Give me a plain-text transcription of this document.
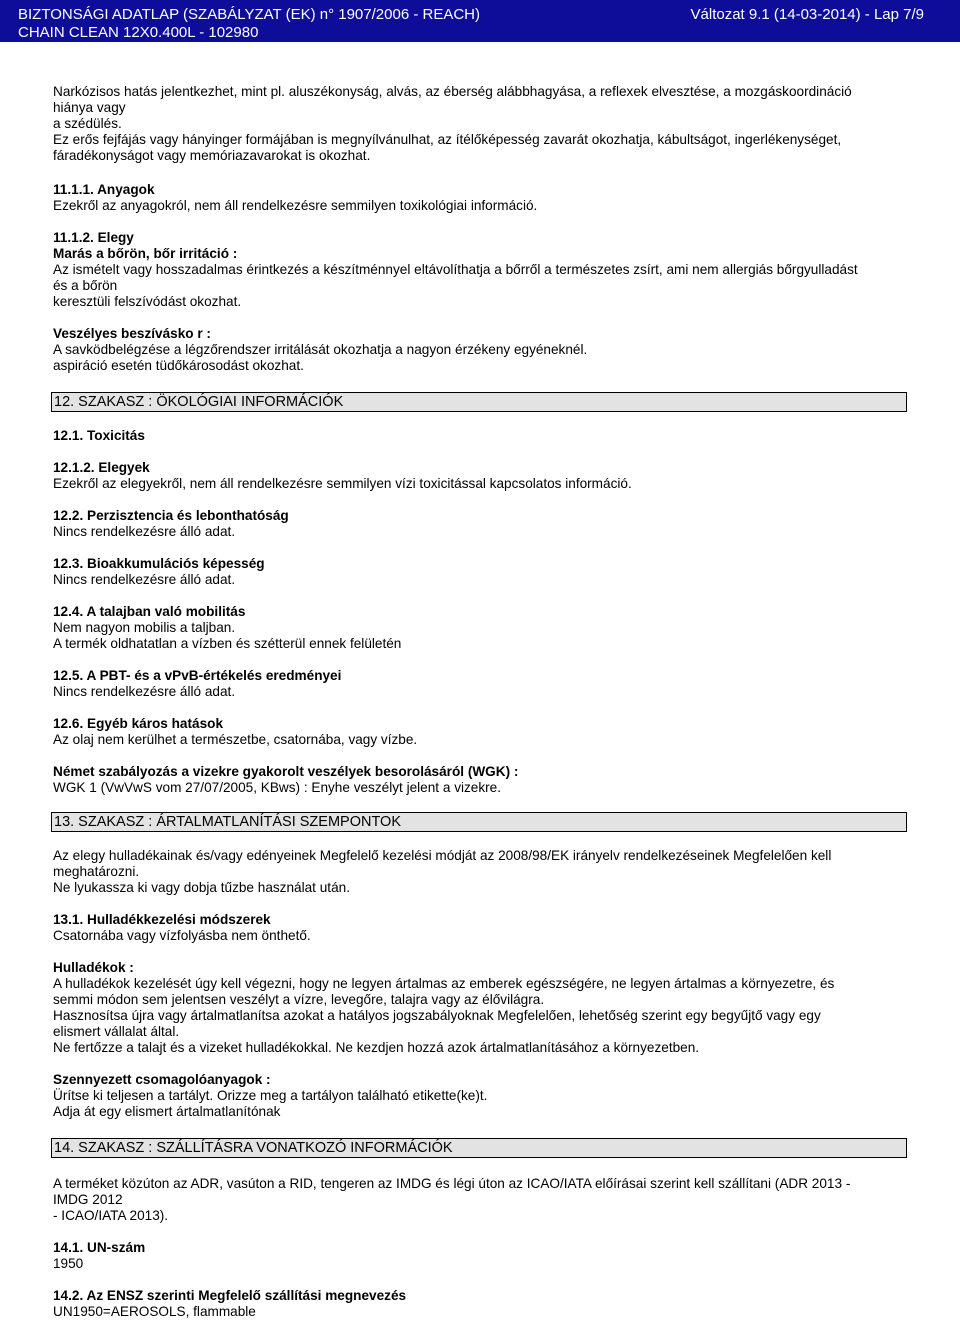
BIZTONSÁGI ADATLAP (SZABÁLYZAT (EK) n° 1907/2006 - REACH)
CHAIN CLEAN 12X0.400L - 102980
Változat 9.1 (14-03-2014) - Lap 7/9
Narkózisos hatás jelentkezhet, mint pl. aluszékonyság, alvás, az éberség alábbhagyása, a reflexek elvesztése, a mozgáskoordináció
hiánya vagy
a szédülés.
Ez erős fejfájás vagy hányinger formájában is megnyílvánulhat, az ítélőképesség zavarát okozhatja, kábultságot, ingerlékenységet,
fáradékonyságot vagy memóriazavarokat is okozhat.
11.1.1. Anyagok
Ezekről az anyagokról, nem áll rendelkezésre semmilyen toxikológiai információ.
11.1.2. Elegy
Marás a bőrön, bőr irritáció :
Az ismételt vagy hosszadalmas érintkezés a készítménnyel eltávolíthatja a bőrről a természetes zsírt, ami nem allergiás bőrgyulladást
és a bőrön
keresztüli felszívódást okozhat.
Veszélyes beszívásko r :
A savködbelégzése a légzőrendszer irritálását okozhatja a nagyon érzékeny egyéneknél.
aspiráció esetén tüdőkárosodást okozhat.
12. SZAKASZ : ÖKOLÓGIAI INFORMÁCIÓK
12.1. Toxicitás
12.1.2. Elegyek
Ezekről az elegyekről, nem áll rendelkezésre semmilyen vízi toxicitással kapcsolatos információ.
12.2. Perzisztencia és lebonthatóság
Nincs rendelkezésre álló adat.
12.3. Bioakkumulációs képesség
Nincs rendelkezésre álló adat.
12.4. A talajban való mobilitás
Nem nagyon mobilis a taljban.
A termék oldhatatlan a vízben és szétterül ennek felületén
12.5. A PBT- és a vPvB-értékelés eredményei
Nincs rendelkezésre álló adat.
12.6. Egyéb káros hatások
Az olaj nem kerülhet a természetbe, csatornába, vagy vízbe.
Német szabályozás a vizekre gyakorolt veszélyek besorolásáról (WGK) :
WGK 1 (VwVwS vom 27/07/2005, KBws) : Enyhe veszélyt jelent a vizekre.
13. SZAKASZ : ÁRTALMATLANÍTÁSI SZEMPONTOK
Az elegy hulladékainak és/vagy edényeinek Megfelelő kezelési módját az 2008/98/EK irányelv rendelkezéseinek Megfelelően kell
meghatározni.
Ne lyukassza ki vagy dobja tűzbe használat után.
13.1. Hulladékkezelési módszerek
Csatornába vagy vízfolyásba nem önthető.
Hulladékok :
A hulladékok kezelését úgy kell végezni, hogy ne legyen ártalmas az emberek egészségére, ne legyen ártalmas a környezetre, és
semmi módon sem jelentsen veszélyt a vízre, levegőre, talajra vagy az élővilágra.
Hasznosítsa újra vagy ártalmatlanítsa azokat a hatályos jogszabályoknak Megfelelően, lehetőség szerint egy begyűjtő vagy egy
elismert vállalat által.
Ne fertőzze a talajt és a vizeket hulladékokkal. Ne kezdjen hozzá azok ártalmatlanításához a környezetben.
Szennyezett csomagolóanyagok :
Ürítse ki teljesen a tartályt. Orizze meg a tartályon található etikette(ke)t.
Adja át egy elismert ártalmatlanítónak
14. SZAKASZ : SZÁLLÍTÁSRA VONATKOZÓ INFORMÁCIÓK
A terméket közúton az ADR, vasúton a RID, tengeren az IMDG és légi úton az ICAO/IATA előírásai szerint kell szállítani (ADR 2013 -
IMDG 2012
- ICAO/IATA 2013).
14.1. UN-szám
1950
14.2. Az ENSZ szerinti Megfelelő szállítási megnevezés
UN1950=AEROSOLS, flammable
